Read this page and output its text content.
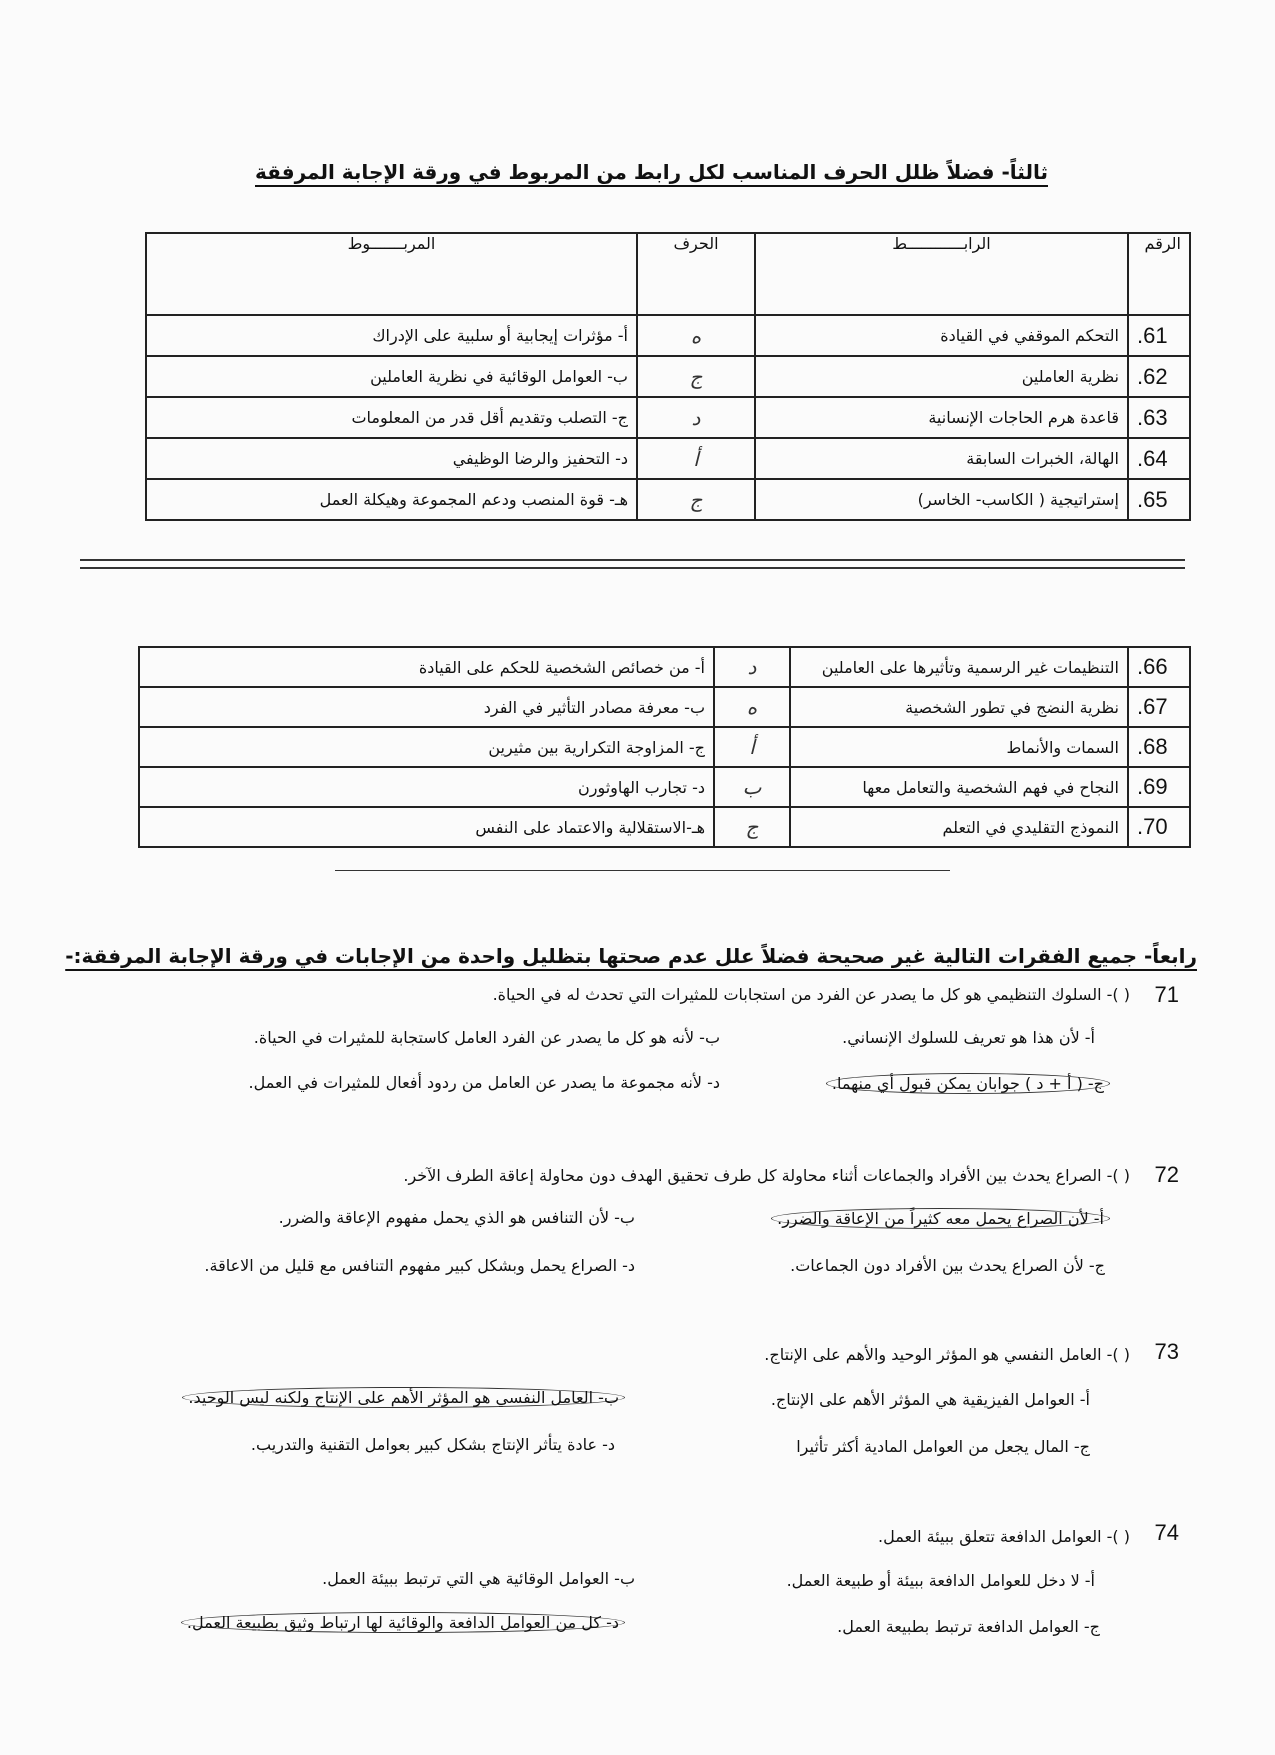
ثالثاً- فضلاً ظلل الحرف المناسب لكل رابط من المربوط في ورقة الإجابة المرفقة
الرقم	الرابــــــــــــط	الحرف	المربـــــــوط
61.	التحكم الموقفي في القيادة	ه	أ- مؤثرات إيجابية أو سلبية على الإدراك
62.	نظرية العاملين	ج	ب- العوامل الوقائية في نظرية العاملين
63.	قاعدة هرم الحاجات الإنسانية	د	ج- التصلب وتقديم أقل قدر من المعلومات
64.	الهالة، الخبرات السابقة	أ	د- التحفيز والرضا الوظيفي
65.	إستراتيجية ( الكاسب- الخاسر)	ج	هـ- قوة المنصب ودعم المجموعة وهيكلة العمل
66.	التنظيمات غير الرسمية وتأثيرها على العاملين	د	أ- من خصائص الشخصية للحكم على القيادة
67.	نظرية النضج في تطور الشخصية	ه	ب- معرفة مصادر التأثير في الفرد
68.	السمات والأنماط	أ	ج- المزاوجة التكرارية بين مثيرين
69.	النجاح في فهم الشخصية والتعامل معها	ب	د- تجارب الهاوثورن
70.	النموذج التقليدي في التعلم	ج	هـ-الاستقلالية والاعتماد على النفس
رابعاً- جميع الفقرات التالية غير صحيحة فضلاً علل عدم صحتها بتظليل واحدة من الإجابات في ورقة الإجابة المرفقة:-
71
( )- السلوك التنظيمي هو كل ما يصدر عن الفرد من استجابات للمثيرات التي تحدث له في الحياة.
أ- لأن هذا هو تعريف للسلوك الإنساني.
ب- لأنه هو كل ما يصدر عن الفرد العامل كاستجابة للمثيرات في الحياة.
ج- ( أ + د ) جوابان يمكن قبول أي منهما.
د- لأنه مجموعة ما يصدر عن العامل من ردود أفعال للمثيرات في العمل.
72
( )- الصراع يحدث بين الأفراد والجماعات أثناء محاولة كل طرف تحقيق الهدف دون محاولة إعاقة الطرف الآخر.
أ- لأن الصراع يحمل معه كثيراً من الإعاقة والضرر.
ب- لأن التنافس هو الذي يحمل مفهوم الإعاقة والضرر.
ج- لأن الصراع يحدث بين الأفراد دون الجماعات.
د- الصراع يحمل وبشكل كبير مفهوم التنافس مع قليل من الاعاقة.
73
( )- العامل النفسي هو المؤثر الوحيد والأهم على الإنتاج.
أ- العوامل الفيزيقية هي المؤثر الأهم على الإنتاج.
ب- العامل النفسي هو المؤثر الأهم على الإنتاج ولكنه ليس الوحيد.
ج- المال يجعل من العوامل المادية أكثر تأثيرا
د- عادة يتأثر الإنتاج بشكل كبير بعوامل التقنية والتدريب.
74
( )- العوامل الدافعة تتعلق ببيئة العمل.
أ- لا دخل للعوامل الدافعة ببيئة أو طبيعة العمل.
ب- العوامل الوقائية هي التي ترتبط ببيئة العمل.
ج- العوامل الدافعة ترتبط بطبيعة العمل.
د- كل من العوامل الدافعة والوقائية لها ارتباط وثيق بطبيعة العمل.
